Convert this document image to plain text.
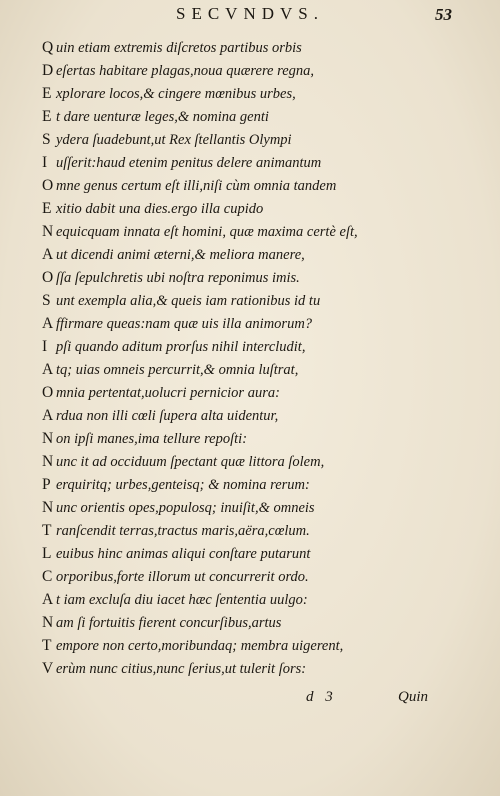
SECVNDVS.	53
Q uin etiam extremis diſcretos partibus orbis
D eſertas habitare plagas,noua quærere regna,
E xplorare locos,& cingere mœnibus urbes,
E t dare uenturæ leges,& nomina genti
S ydera ſuadebunt,ut Rex ſtellantis Olympi
I uſſerit:haud etenim penitus delere animantum
O mne genus certum eſt illi,niſi cùm omnia tandem
E xitio dabit una dies.ergo illa cupido
N equicquam innata eſt homini, quæ maxima certè eſt,
A ut dicendi animi æterni,& meliora manere,
O ſſa ſepulchretis ubi noſtra reponimus imis.
S unt exempla alia,& queis iam rationibus id tu
A ffirmare queas:nam quæ uis illa animorum?
I pſi quando aditum prorſus nihil intercludit,
A tq; uias omneis percurrit,& omnia luſtrat,
O mnia pertentat,uolucri pernicior aura:
A rdua non illi cœli ſupera alta uidentur,
N on ipſi manes,ima tellure repoſti:
N unc it ad occiduum ſpectant quæ littora ſolem,
P erquiritq; urbes,genteisq; & nomina rerum:
N unc orientis opes,populosq; inuiſit,& omneis
T ranſcendit terras,tractus maris,aëra,cœlum.
L euibus hinc animas aliqui conſtare putarunt
C orporibus,forte illorum ut concurrerit ordo.
A t iam excluſa diu iacet hæc ſententia uulgo:
N am ſi fortuitis fierent concurſibus,artus
T empore non certo,moribundaq; membra uigerent,
V erùm nunc citius,nunc ſerius,ut tulerit ſors:
d 3	Quin
